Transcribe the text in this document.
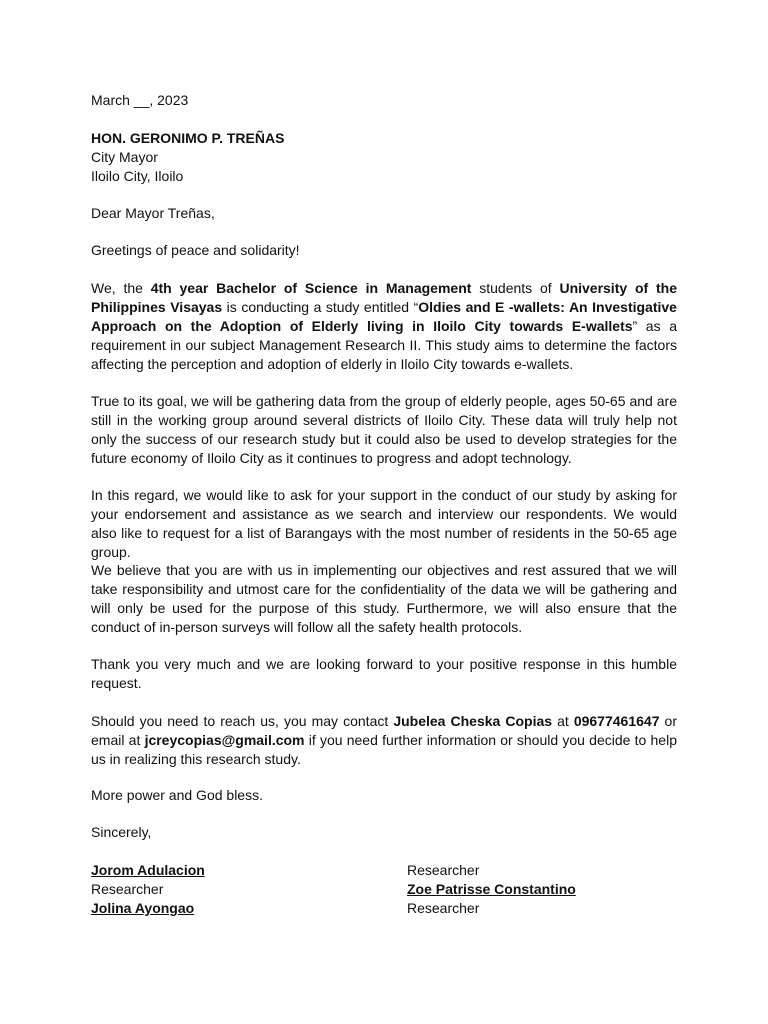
March __, 2023

HON. GERONIMO P. TREÑAS
City Mayor
Iloilo City, Iloilo

Dear Mayor Treñas,

Greetings of peace and solidarity!

We, the 4th year Bachelor of Science in Management students of University of the Philippines Visayas is conducting a study entitled “Oldies and E -wallets: An Investigative Approach on the Adoption of Elderly living in Iloilo City towards E-wallets” as a requirement in our subject Management Research II. This study aims to determine the factors affecting the perception and adoption of elderly in Iloilo City towards e-wallets.

True to its goal, we will be gathering data from the group of elderly people, ages 50-65 and are still in the working group around several districts of Iloilo City. These data will truly help not only the success of our research study but it could also be used to develop strategies for the future economy of Iloilo City as it continues to progress and adopt technology.

In this regard, we would like to ask for your support in the conduct of our study by asking for your endorsement and assistance as we search and interview our respondents. We would also like to request for a list of Barangays with the most number of residents in the 50-65 age group.

We believe that you are with us in implementing our objectives and rest assured that we will take responsibility and utmost care for the confidentiality of the data we will be gathering and will only be used for the purpose of this study. Furthermore, we will also ensure that the conduct of in-person surveys will follow all the safety health protocols.

Thank you very much and we are looking forward to your positive response in this humble request.

Should you need to reach us, you may contact Jubelea Cheska Copias at 09677461647 or email at jcreycopias@gmail.com if you need further information or should you decide to help us in realizing this research study.

More power and God bless.

Sincerely,

Jorom Adulacion
Researcher
Jolina Ayongao
Researcher
Zoe Patrisse Constantino
Researcher
